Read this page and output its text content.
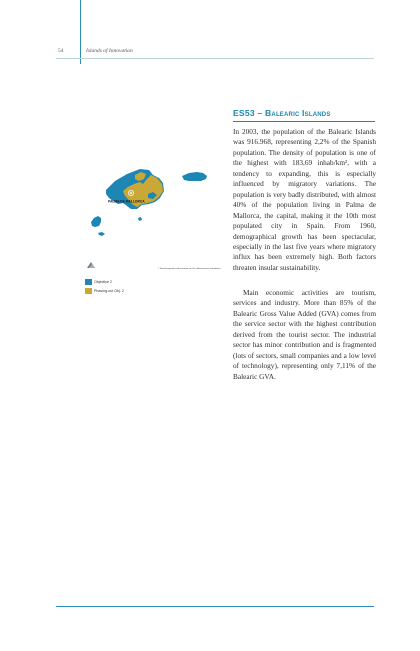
54	Islands of Innovation
ES53 – Balearic Islands

In 2003, the population of the Balearic Islands was 916.968, representing 2,2% of the Spanish population. The density of population is one of the highest with 183,69 inhab/km², with a tendency to expanding, this is especially influenced by migratory variations. The population is very badly distributed, with almost 40% of the population living in Palma de Mallorca, the capital, making it the 10th most populated city in Spain. From 1960, demographical growth has been spectacular, especially in the last five years where migratory influx has been extremely high. Both factors threaten insular sustainability.

Main economic activities are tourism, services and industry. More than 85% of the Balearic Gross Value Added (GVA) comes from the service sector with the highest contribution derived from the tourist sector. The industrial sector has minor contribution and is fragmented (lots of sectors, small companies and a low level of technology), representing only 7,11% of the Balearic GVA.

PALMA DE MALLORCA
© EuroGeographics Association for the administrative boundaries
Objective 2
Phasing-out Obj. 2
